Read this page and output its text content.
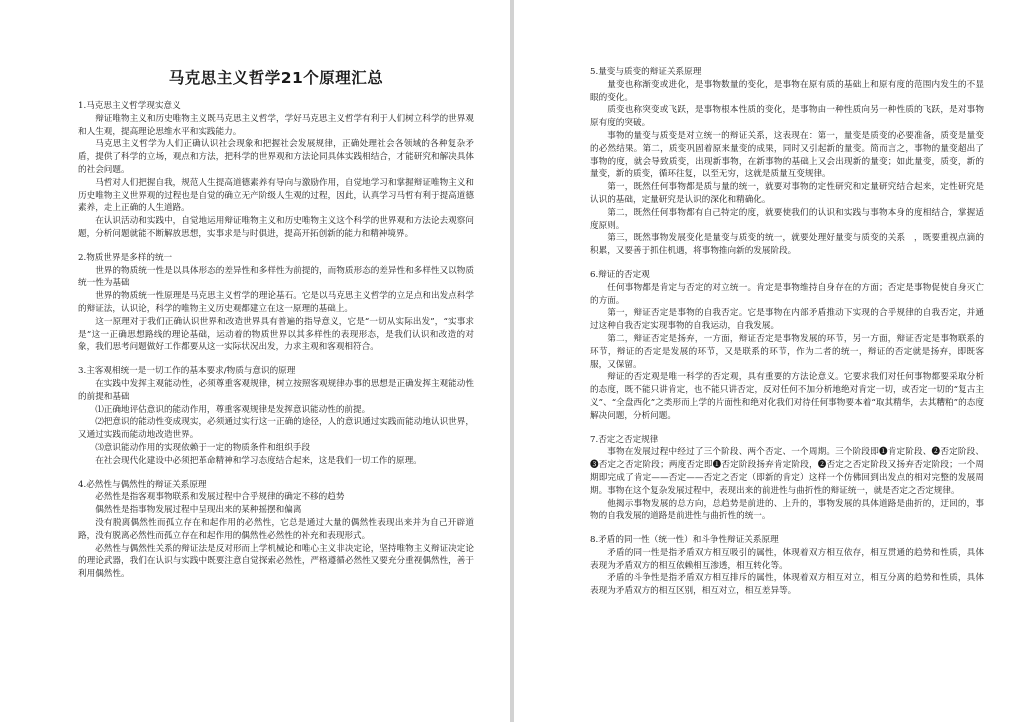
马克思主义哲学21个原理汇总

1.马克思主义哲学现实意义

辩证唯物主义和历史唯物主义既马克思主义哲学，学好马克思主义哲学有利于人们树立科学的世界观和人生观，提高理论思维水平和实践能力。

马克思主义哲学为人们正确认识社会现象和把握社会发展规律，正确处理社会各领域的各种复杂矛盾，提供了科学的立场，观点和方法，把科学的世界观和方法论同具体实践相结合，才能研究和解决具体的社会问题。

马哲对人们把握自我，规范人生提高道德素养有导向与激励作用，自觉地学习和掌握辩证唯物主义和历史唯物主义世界观的过程也是自觉的确立无产阶级人生观的过程，因此，认真学习马哲有利于提高道德素养，走上正确的人生道路。

在认识活动和实践中，自觉地运用辩证唯物主义和历史唯物主义这个科学的世界观和方法论去观察问题，分析问题就能不断解放思想，实事求是与时俱进，提高开拓创新的能力和精神境界。

2.物质世界是多样的统一

世界的物质统一性是以具体形态的差异性和多样性为前提的，而物质形态的差异性和多样性又以物质统一性为基础

世界的物质统一性原理是马克思主义哲学的理论基石。它是以马克思主义哲学的立足点和出发点科学的辩证法，认识论，科学的唯物主义历史观都建立在这一原理的基础上。

这一原理对于我们正确认识世界和改造世界具有普遍的指导意义，它是“一切从实际出发”，“实事求是”这一正确思想路线的理论基础，运动着的物质世界以其多样性的表现形态，是我们认识和改造的对象，我们思考问题做好工作都要从这一实际状况出发，力求主观和客观相符合。

3.主客观相统一是一切工作的基本要求/物质与意识的原理

在实践中发挥主观能动性，必须尊重客观规律，树立按照客观规律办事的思想是正确发挥主观能动性的前提和基础

⑴正确地评估意识的能动作用，尊重客观规律是发挥意识能动性的前提。

⑵把意识的能动性变成现实，必须通过实行这一正确的途径，人的意识通过实践而能动地认识世界，又通过实践而能动地改造世界。

⑶意识能动作用的实现依赖于一定的物质条件和组织手段

在社会现代化建设中必须把革命精神和学习态度结合起来，这是我们一切工作的原理。

4.必然性与偶然性的辩证关系原理

必然性是指客观事物联系和发展过程中合乎规律的确定不移的趋势

偶然性是指事物发展过程中呈现出来的某种摇摆和偏离

没有脱离偶然性而孤立存在和起作用的必然性，它总是通过大量的偶然性表现出来并为自己开辟道路，没有脱离必然性而孤立存在和起作用的偶然性必然性的补充和表现形式。

必然性与偶然性关系的辩证法是反对形而上学机械论和唯心主义非决定论，坚持唯物主义辩证决定论的理论武器，我们在认识与实践中既要注意自觉探索必然性，严格遵循必然性又要充分重视偶然性，善于利用偶然性。

5.量变与质变的辩证关系原理

量变也称渐变或进化，是事物数量的变化，是事物在原有质的基础上和原有度的范围内发生的不显眼的变化。

质变也称突变或飞跃，是事物根本性质的变化，是事物由一种性质向另一种性质的飞跃，是对事物原有度的突破。

事物的量变与质变是对立统一的辩证关系，这表现在：第一，量变是质变的必要准备，质变是量变的必然结果。第二，质变巩固着原来量变的成果，同时又引起新的量变。简而言之，事物的量变超出了事物的度，就会导致质变，出现新事物，在新事物的基础上又会出现新的量变；如此量变，质变，新的量变，新的质变，循环往复，以至无穷，这就是质量互变规律。

第一，既然任何事物都是质与量的统一，就要对事物的定性研究和定量研究结合起来，定性研究是认识的基础，定量研究是认识的深化和精确化。

第二，既然任何事物都有自己特定的度，就要使我们的认识和实践与事物本身的度相结合，掌握适度原则。

第三，既然事物发展变化是量变与质变的统一，就要处理好量变与质变的关系　，既要重视点滴的积累，又要善于抓住机遇，将事物推向新的发展阶段。

6.辩证的否定观

任何事物都是肯定与否定的对立统一。肯定是事物维持自身存在的方面；否定是事物促使自身灭亡的方面。

第一，辩证否定是事物的自我否定。它是事物在内部矛盾推动下实现的合乎规律的自我否定，并通过这种自我否定实现事物的自我运动，自我发展。

第二，辩证否定是扬弃，一方面，辩证否定是事物发展的环节，另一方面，辩证否定是事物联系的环节，辩证的否定是发展的环节，又是联系的环节，作为二者的统一，辩证的否定就是扬弃，即既客服，又保留。

辩证的否定观是唯一科学的否定观，具有重要的方法论意义。它要求我们对任何事物都要采取分析的态度，既不能只讲肯定，也不能只讲否定，反对任何不加分析地绝对肯定一切，或否定一切的“复古主义”、“全盘西化”之类形而上学的片面性和绝对化我们对待任何事物要本着“取其精华，去其糟粕”的态度解决问题，分析问题。

7.否定之否定规律

事物在发展过程中经过了三个阶段、两个否定、一个周期。三个阶段即❶肯定阶段、❷否定阶段、❸否定之否定阶段；两度否定即❶否定阶段扬弃肯定阶段，❷否定之否定阶段又扬弃否定阶段；一个周期即完成了肯定——否定——否定之否定（即新的肯定）这样一个仿佛回到出发点的相对完整的发展周期。事物在这个复杂发展过程中，表现出来的前进性与曲折性的辩证统一，就是否定之否定规律。

他揭示事物发展的总方向，总趋势是前进的、上升的，事物发展的具体道路是曲折的，迂回的，事物的自我发展的道路是前进性与曲折性的统一。

8.矛盾的同一性（统一性）和斗争性辩证关系原理

矛盾的同一性是指矛盾双方相互吸引的属性，体现着双方相互依存，相互贯通的趋势和性质，具体表现为矛盾双方的相互依赖相互渗透，相互转化等。

矛盾的斗争性是指矛盾双方相互排斥的属性，体现着双方相互对立，相互分离的趋势和性质，具体表现为矛盾双方的相互区别，相互对立，相互差异等。
